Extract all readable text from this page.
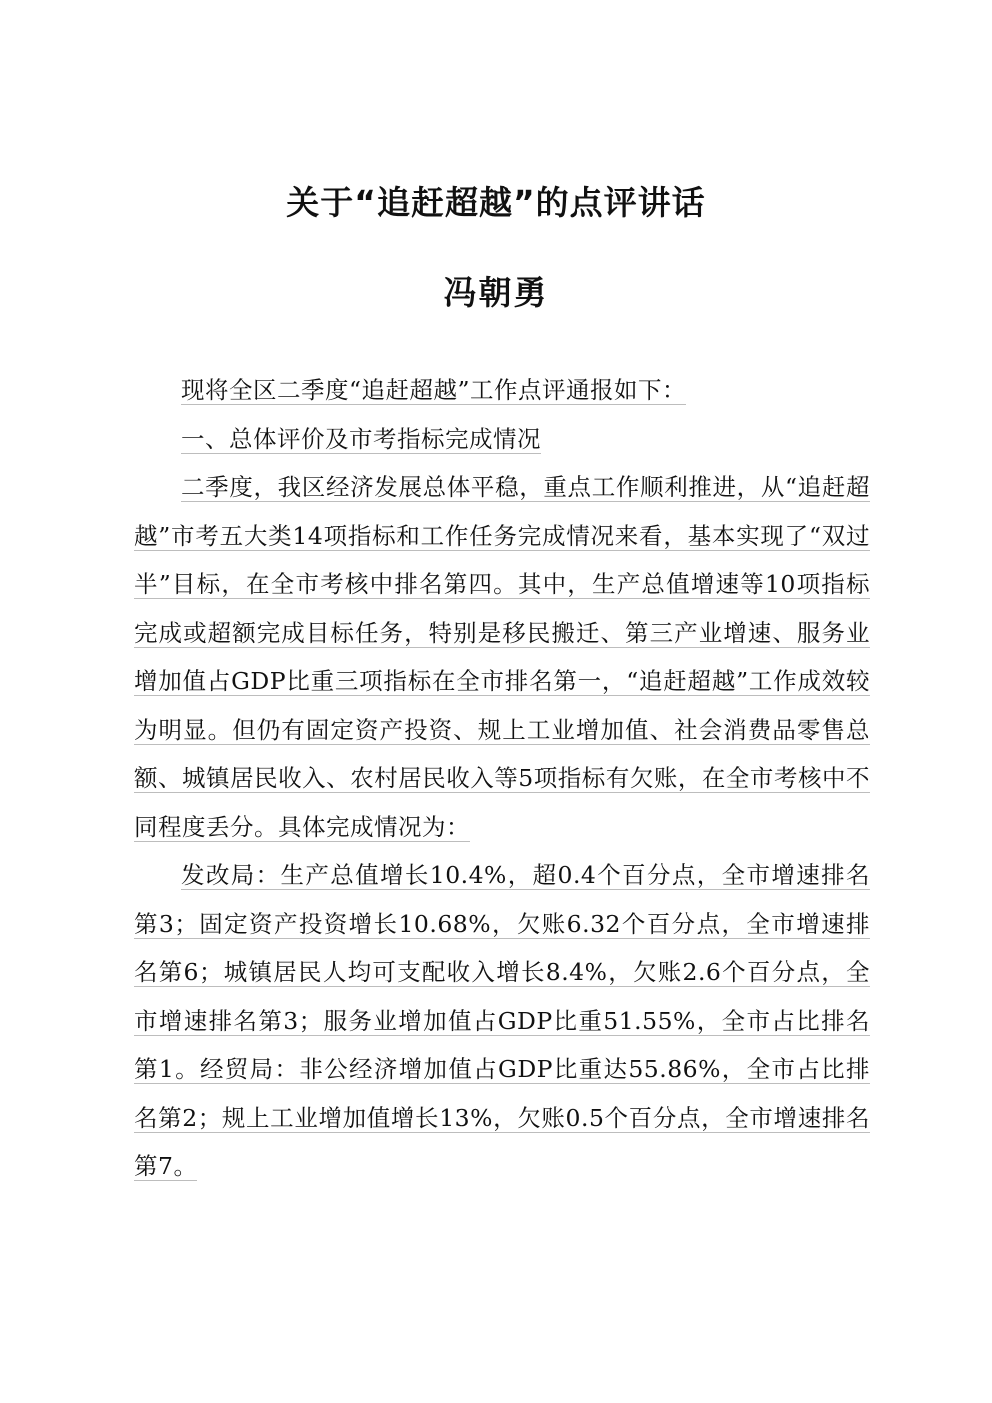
关于“追赶超越”的点评讲话
冯朝勇

现将全区二季度“追赶超越”工作点评通报如下：

一、总体评价及市考指标完成情况

二季度，我区经济发展总体平稳，重点工作顺利推进，从“追赶超越”市考五大类14项指标和工作任务完成情况来看，基本实现了“双过半”目标，在全市考核中排名第四。其中，生产总值增速等10项指标完成或超额完成目标任务，特别是移民搬迁、第三产业增速、服务业增加值占GDP比重三项指标在全市排名第一，“追赶超越”工作成效较为明显。但仍有固定资产投资、规上工业增加值、社会消费品零售总额、城镇居民收入、农村居民收入等5项指标有欠账，在全市考核中不同程度丢分。具体完成情况为：

发改局：生产总值增长10.4%，超0.4个百分点，全市增速排名第3；固定资产投资增长10.68%，欠账6.32个百分点，全市增速排名第6；城镇居民人均可支配收入增长8.4%，欠账2.6个百分点，全市增速排名第3；服务业增加值占GDP比重51.55%，全市占比排名第1。经贸局：非公经济增加值占GDP比重达55.86%，全市占比排名第2；规上工业增加值增长13%，欠账0.5个百分点，全市增速排名第7。
